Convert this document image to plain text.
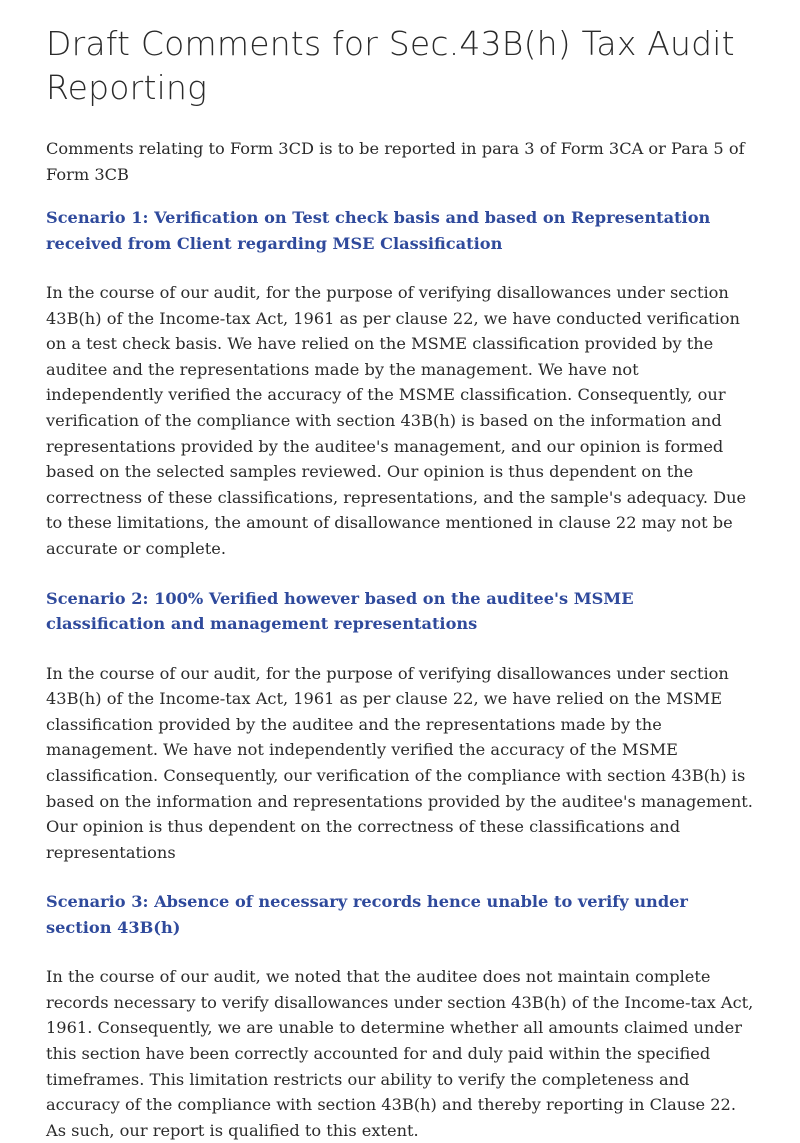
Draft Comments for Sec.43B(h) Tax Audit Reporting

Comments relating to Form 3CD is to be reported in para 3 of Form 3CA or Para 5 of Form 3CB

Scenario 1: Verification on Test check basis and based on Representation received from Client regarding MSE Classification

In the course of our audit, for the purpose of verifying disallowances under section 43B(h) of the Income-tax Act, 1961 as per clause 22, we have conducted verification on a test check basis. We have relied on the MSME classification provided by the auditee and the representations made by the management. We have not independently verified the accuracy of the MSME classification. Consequently, our verification of the compliance with section 43B(h) is based on the information and representations provided by the auditee's management, and our opinion is formed based on the selected samples reviewed. Our opinion is thus dependent on the correctness of these classifications, representations, and the sample's adequacy. Due to these limitations, the amount of disallowance mentioned in clause 22 may not be accurate or complete.

Scenario 2: 100% Verified however based on the auditee's MSME classification and management representations

In the course of our audit, for the purpose of verifying disallowances under section 43B(h) of the Income-tax Act, 1961 as per clause 22, we have relied on the MSME classification provided by the auditee and the representations made by the management. We have not independently verified the accuracy of the MSME classification. Consequently, our verification of the compliance with section 43B(h) is based on the information and representations provided by the auditee's management. Our opinion is thus dependent on the correctness of these classifications and representations

Scenario 3: Absence of necessary records hence unable to verify under section 43B(h)

In the course of our audit, we noted that the auditee does not maintain complete records necessary to verify disallowances under section 43B(h) of the Income-tax Act, 1961. Consequently, we are unable to determine whether all amounts claimed under this section have been correctly accounted for and duly paid within the specified timeframes. This limitation restricts our ability to verify the completeness and accuracy of the compliance with section 43B(h) and thereby reporting in Clause 22. As such, our report is qualified to this extent.
